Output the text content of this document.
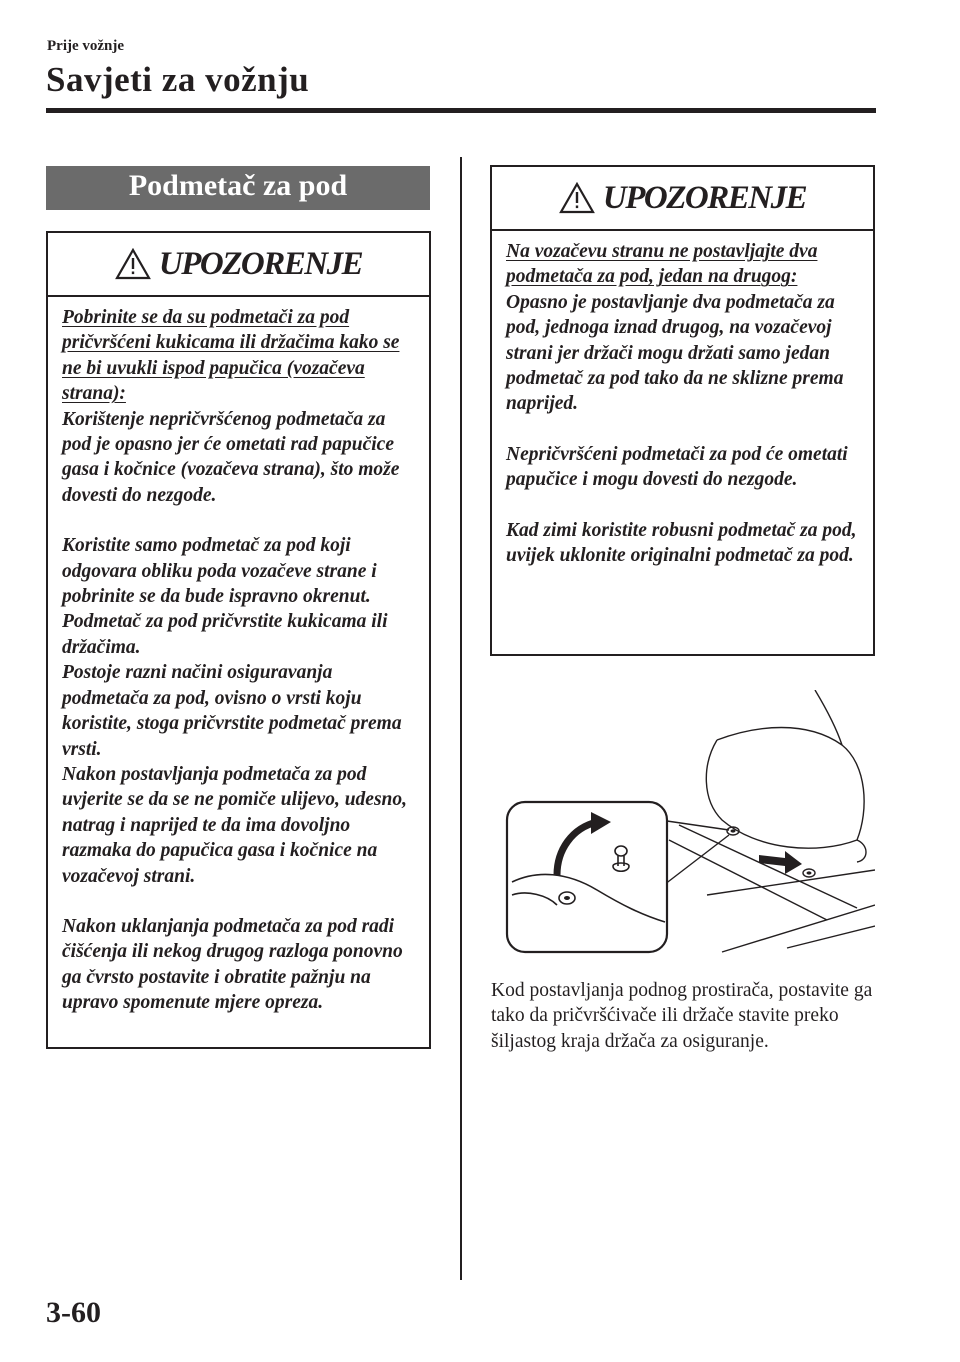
Prije vožnje
Savjeti za vožnju
Podmetač za pod
UPOZORENJE

Pobrinite se da su podmetači za pod pričvršćeni kukicama ili držačima kako se ne bi uvukli ispod papučica (vozačeva strana):

Korištenje nepričvršćenog podmetača za pod je opasno jer će ometati rad papučice gasa i kočnice (vozačeva strana), što može dovesti do nezgode.

Koristite samo podmetač za pod koji odgovara obliku poda vozačeve strane i pobrinite se da bude ispravno okrenut. Podmetač za pod pričvrstite kukicama ili držačima.

Postoje razni načini osiguravanja podmetača za pod, ovisno o vrsti koju koristite, stoga pričvrstite podmetač prema vrsti.

Nakon postavljanja podmetača za pod uvjerite se da se ne pomiče ulijevo, udesno, natrag i naprijed te da ima dovoljno razmaka do papučica gasa i kočnice na vozačevoj strani.

Nakon uklanjanja podmetača za pod radi čišćenja ili nekog drugog razloga ponovno ga čvrsto postavite i obratite pažnju na upravo spomenute mjere opreza.

UPOZORENJE

Na vozačevu stranu ne postavljajte dva podmetača za pod, jedan na drugog:

Opasno je postavljanje dva podmetača za pod, jednoga iznad drugog, na vozačevoj strani jer držači mogu držati samo jedan podmetač za pod tako da ne sklizne prema naprijed.

Nepričvršćeni podmetači za pod će ometati papučice i mogu dovesti do nezgode.

Kad zimi koristite robusni podmetač za pod, uvijek uklonite originalni podmetač za pod.

Kod postavljanja podnog prostirača, postavite ga tako da pričvršćivače ili držače stavite preko šiljastog kraja držača za osiguranje.
3-60
